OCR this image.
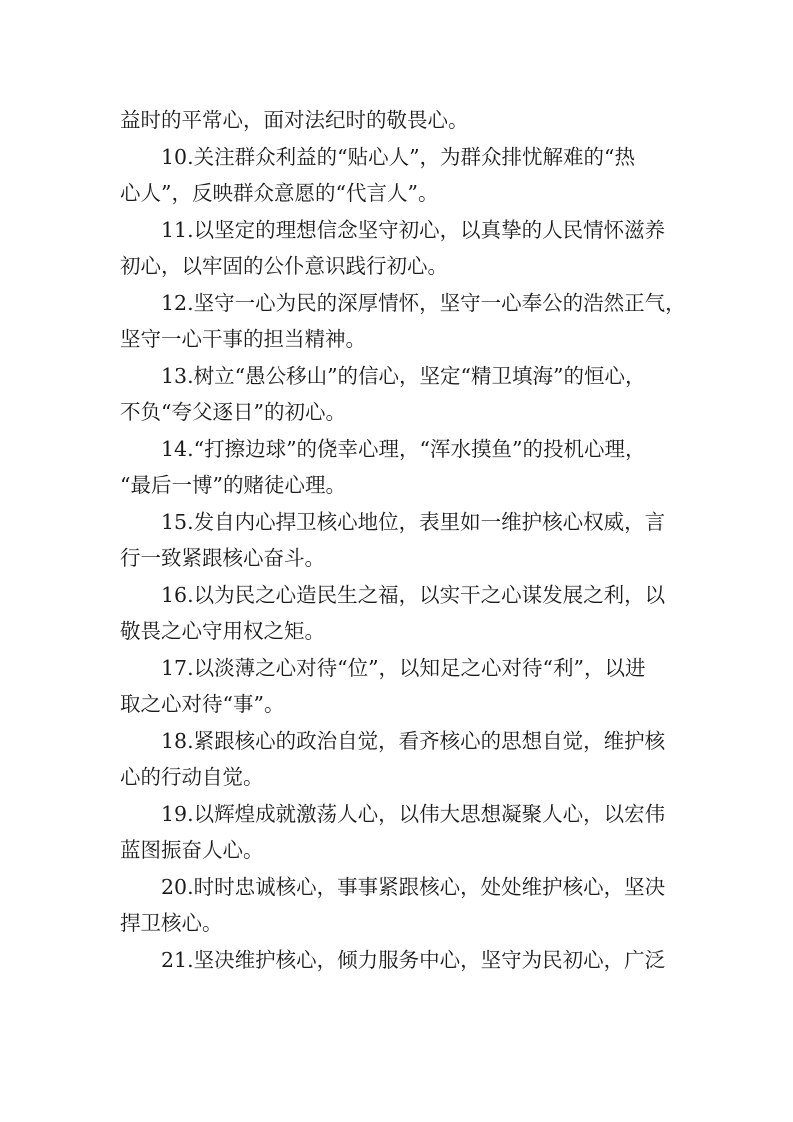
益时的平常心，面对法纪时的敬畏心。
10.关注群众利益的“贴心人”，为群众排忧解难的“热
心人”，反映群众意愿的“代言人”。
11.以坚定的理想信念坚守初心，以真挚的人民情怀滋养
初心，以牢固的公仆意识践行初心。
12.坚守一心为民的深厚情怀，坚守一心奉公的浩然正气，
坚守一心干事的担当精神。
13.树立“愚公移山”的信心，坚定“精卫填海”的恒心，
不负“夸父逐日”的初心。
14.“打擦边球”的侥幸心理，“浑水摸鱼”的投机心理，
“最后一博”的赌徒心理。
15.发自内心捍卫核心地位，表里如一维护核心权威，言
行一致紧跟核心奋斗。
16.以为民之心造民生之福，以实干之心谋发展之利，以
敬畏之心守用权之矩。
17.以淡薄之心对待“位”，以知足之心对待“利”，以进
取之心对待“事”。
18.紧跟核心的政治自觉，看齐核心的思想自觉，维护核
心的行动自觉。
19.以辉煌成就激荡人心，以伟大思想凝聚人心，以宏伟
蓝图振奋人心。
20.时时忠诚核心，事事紧跟核心，处处维护核心，坚决
捍卫核心。
21.坚决维护核心，倾力服务中心，坚守为民初心，广泛
